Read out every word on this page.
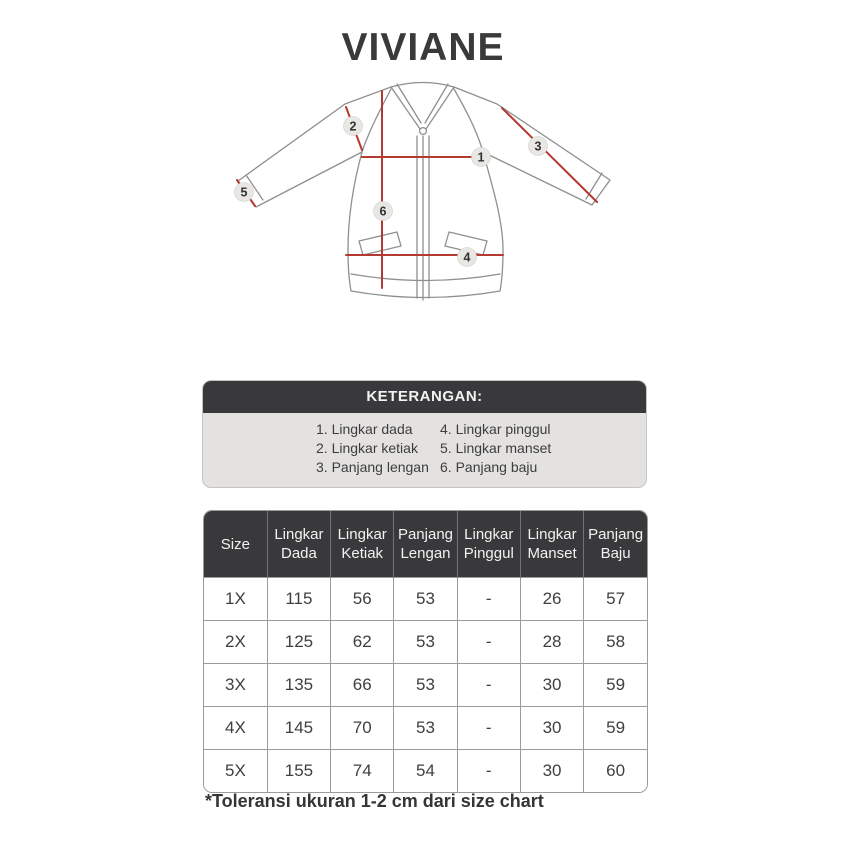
VIVIANE
1
2
3
4
5
6
KETERANGAN:
1. Lingkar dada
2. Lingkar ketiak
3. Panjang lengan
4. Lingkar pinggul
5. Lingkar manset
6. Panjang baju
Size	Lingkar Dada	Lingkar Ketiak	Panjang Lengan	Lingkar Pinggul	Lingkar Manset	Panjang Baju
1X	115	56	53	-	26	57
2X	125	62	53	-	28	58
3X	135	66	53	-	30	59
4X	145	70	53	-	30	59
5X	155	74	54	-	30	60
*Toleransi ukuran 1-2 cm dari size chart
